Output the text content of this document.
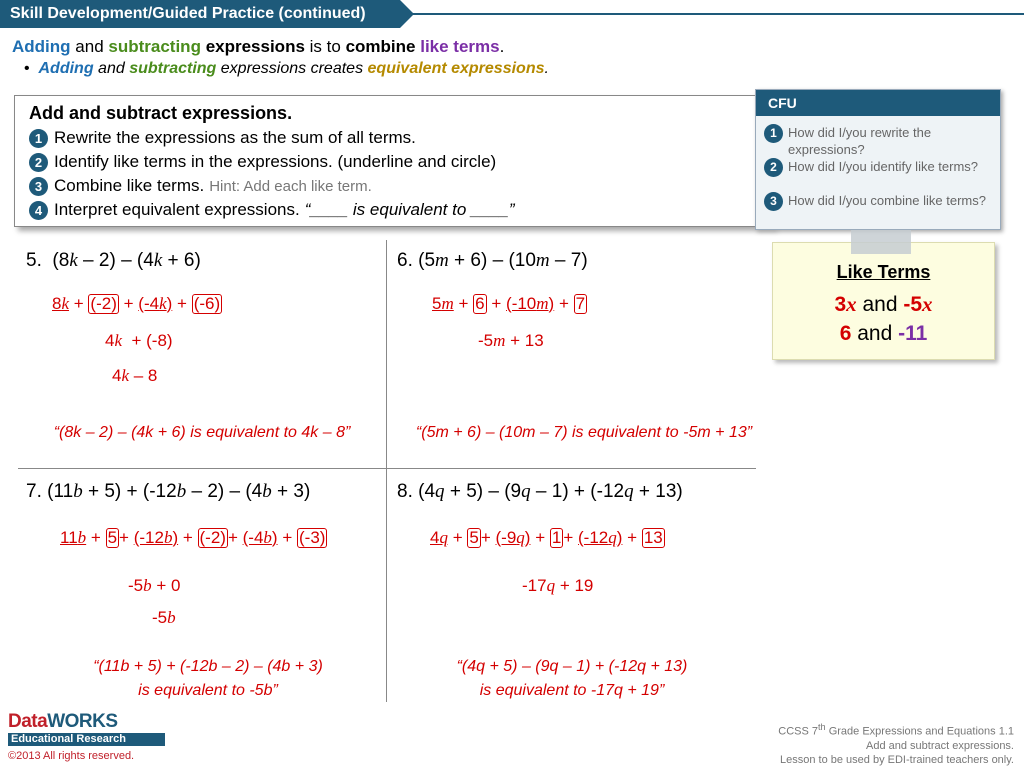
Skill Development/Guided Practice (continued)
Adding and subtracting expressions is to combine like terms.
• Adding and subtracting expressions creates equivalent expressions.
Add and subtract expressions.
1 Rewrite the expressions as the sum of all terms.
2 Identify like terms in the expressions. (underline and circle)
3 Combine like terms. Hint: Add each like term.
4 Interpret equivalent expressions. “____ is equivalent to ____”
CFU
1 How did I/you rewrite the expressions?
2 How did I/you identify like terms?
3 How did I/you combine like terms?
Like Terms
3x and -5x
6 and -11
5. (8k – 2) – (4k + 6)
8k + (-2) + (-4k) + (-6)
4k + (-8)
4k – 8
“(8k – 2) – (4k + 6) is equivalent to 4k – 8”
6. (5m + 6) – (10m – 7)
5m + 6 + (-10m) + 7
-5m + 13
“(5m + 6) – (10m – 7) is equivalent to -5m + 13”
7. (11b + 5) + (-12b – 2) – (4b + 3)
11b + 5 + (-12b) + (-2) + (-4b) + (-3)
-5b + 0
-5b
“(11b + 5) + (-12b – 2) – (4b + 3)
is equivalent to -5b”
8. (4q + 5) – (9q – 1) + (-12q + 13)
4q + 5 + (-9q) + 1 + (-12q) + 13
-17q + 19
“(4q + 5) – (9q – 1) + (-12q + 13)
is equivalent to -17q + 19”
DataWORKS
Educational Research
©2013 All rights reserved.
CCSS 7th Grade Expressions and Equations 1.1
Add and subtract expressions.
Lesson to be used by EDI-trained teachers only.
